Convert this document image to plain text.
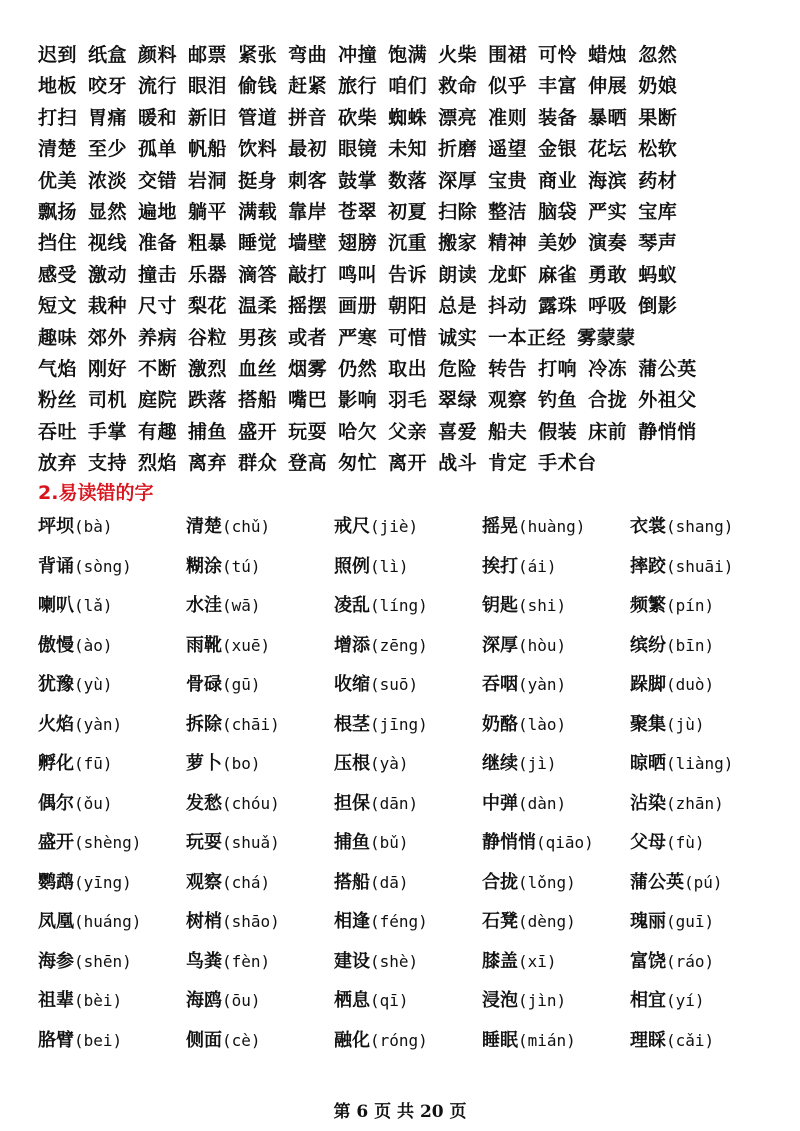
迟到 纸盒 颜料 邮票 紧张 弯曲 冲撞 饱满 火柴 围裙 可怜 蜡烛 忽然
地板 咬牙 流行 眼泪 偷钱 赶紧 旅行 咱们 救命 似乎 丰富 伸展 奶娘
打扫 胃痛 暖和 新旧 管道 拼音 砍柴 蜘蛛 漂亮 准则 装备 暴晒 果断
清楚 至少 孤单 帆船 饮料 最初 眼镜 未知 折磨 遥望 金银 花坛 松软
优美 浓淡 交错 岩洞 挺身 刺客 鼓掌 数落 深厚 宝贵 商业 海滨 药材
飘扬 显然 遍地 躺平 满载 靠岸 苍翠 初夏 扫除 整洁 脑袋 严实 宝库
挡住 视线 准备 粗暴 睡觉 墙壁 翅膀 沉重 搬家 精神 美妙 演奏 琴声
感受 激动 撞击 乐器 滴答 敲打 鸣叫 告诉 朗读 龙虾 麻雀 勇敢 蚂蚁
短文 栽种 尺寸 梨花 温柔 摇摆 画册 朝阳 总是 抖动 露珠 呼吸 倒影
趣味 郊外 养病 谷粒 男孩 或者 严寒 可惜 诚实 一本正经 雾蒙蒙
气焰 刚好 不断 激烈 血丝 烟雾 仍然 取出 危险 转告 打响 冷冻 蒲公英
粉丝 司机 庭院 跌落 搭船 嘴巴 影响 羽毛 翠绿 观察 钓鱼 合拢 外祖父
吞吐 手掌 有趣 捕鱼 盛开 玩耍 哈欠 父亲 喜爱 船夫 假装 床前 静悄悄
放弃 支持 烈焰 离弃 群众 登高 匆忙 离开 战斗 肯定 手术台
2.易读错的字
坪坝(bà)	清楚(chǔ)	戒尺(jiè)	摇晃(huàng) 衣裳(shang)
背诵(sòng)	糊涂(tú)	照例(lì)	挨打(ái)	摔跤(shuāi)
喇叭(lǎ)	水洼(wā)	凌乱(líng)	钥匙(shi)	频繁(pín)
傲慢(ào)	雨靴(xuē)	增添(zēng)	深厚(hòu)	缤纷(bīn)
犹豫(yù)	骨碌(gū)	收缩(suō)	吞咽(yàn)	跺脚(duò)
火焰(yàn)	拆除(chāi)	根茎(jīng)	奶酪(lào)	聚集(jù)
孵化(fū)	萝卜(bo)	压根(yà)	继续(jì)	晾晒(liàng)
偶尔(ǒu)	发愁(chóu)	担保(dān)	中弹(dàn)	沾染(zhān)
盛开(shèng) 玩耍(shuǎ)	捕鱼(bǔ)	静悄悄(qiāo) 父母(fù)
鹦鹉(yīng)	观察(chá)	搭船(dā)	合拢(lǒng)	蒲公英(pú)
凤凰(huáng) 树梢(shāo)	相逢(féng)	石凳(dèng)	瑰丽(guī)
海参(shēn)	鸟粪(fèn)	建设(shè)	膝盖(xī)	富饶(ráo)
祖辈(bèi)	海鸥(ōu)	栖息(qī)	浸泡(jìn)	相宜(yí)
胳臂(bei)	侧面(cè)	融化(róng)	睡眠(mián)	理睬(cǎi)
第 6 页 共 20 页
